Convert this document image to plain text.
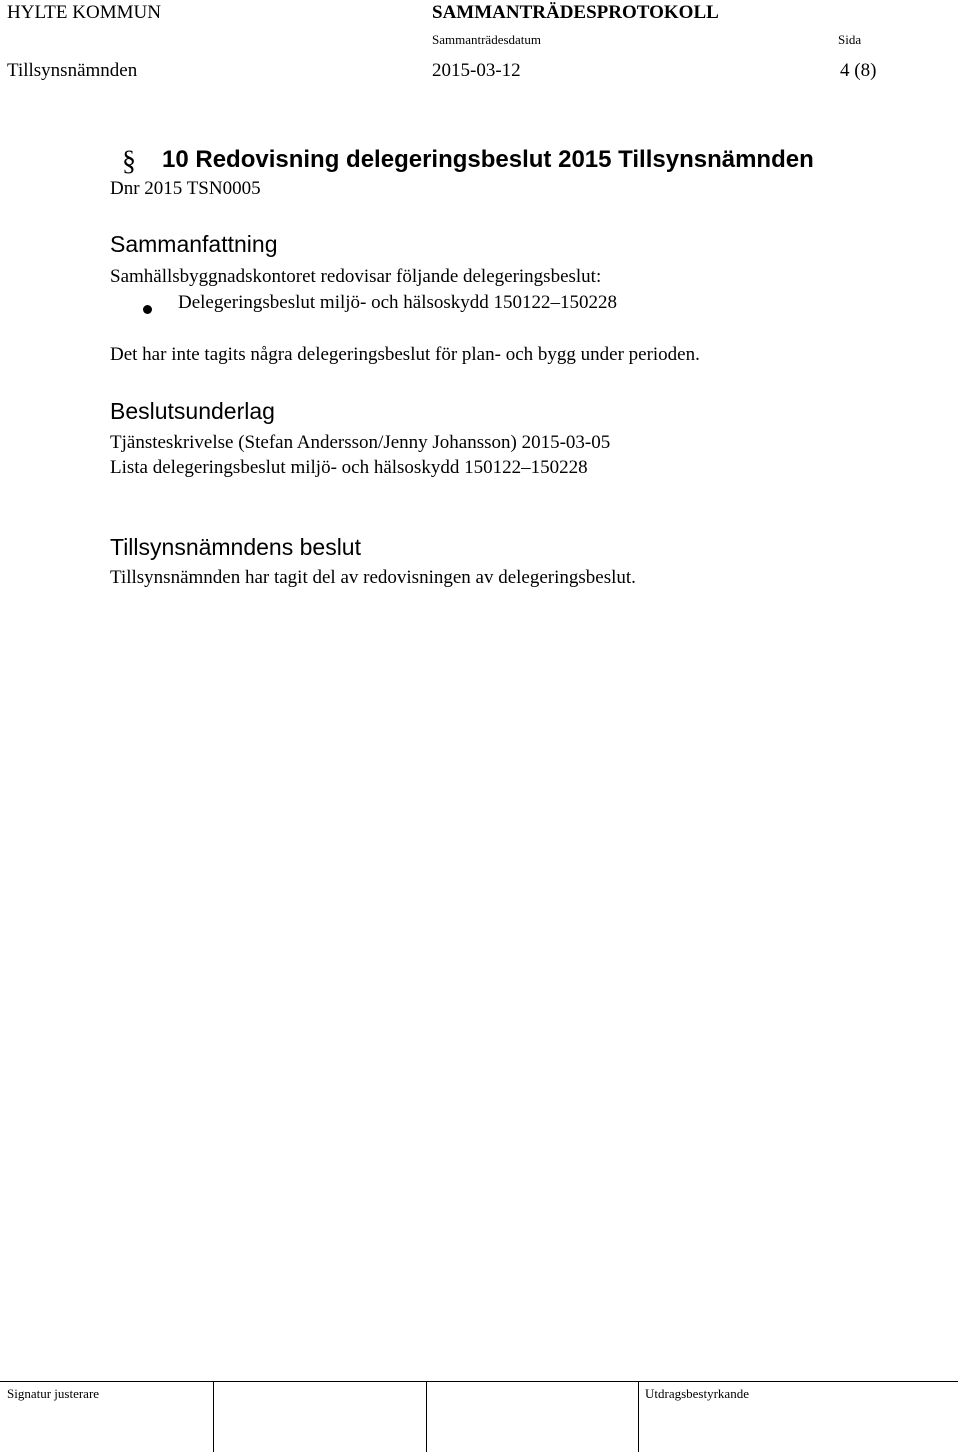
HYLTE KOMMUN	SAMMANTRÄDESPROTOKOLL
Sammanträdesdatum	Sida
Tillsynsnämnden	2015-03-12	4 (8)
§ 10 Redovisning delegeringsbeslut 2015 Tillsynsnämnden
Dnr 2015 TSN0005
Sammanfattning
Samhällsbyggnadskontoret redovisar följande delegeringsbeslut:
Delegeringsbeslut miljö- och hälsoskydd 150122–150228
Det har inte tagits några delegeringsbeslut för plan- och bygg under perioden.
Beslutsunderlag
Tjänsteskrivelse (Stefan Andersson/Jenny Johansson) 2015-03-05
Lista delegeringsbeslut miljö- och hälsoskydd 150122–150228
Tillsynsnämndens beslut
Tillsynsnämnden har tagit del av redovisningen av delegeringsbeslut.
Signatur justerare	Utdragsbestyrkande
